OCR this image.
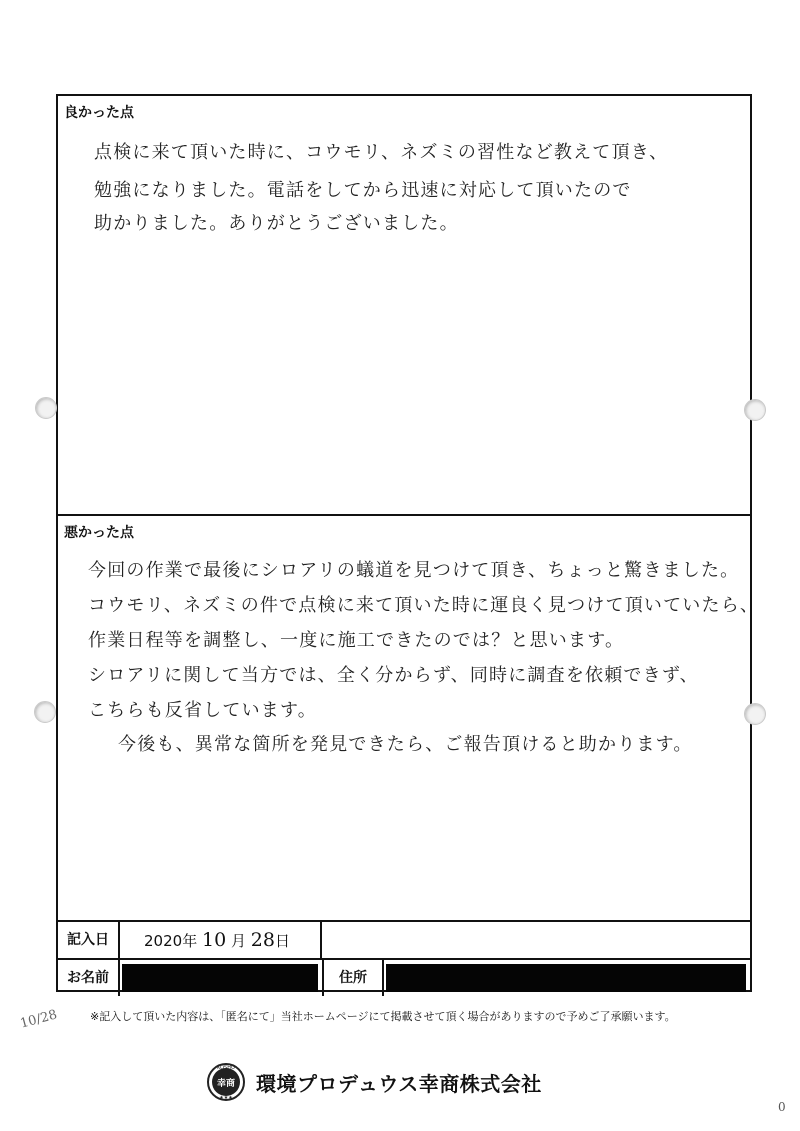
良かった点
点検に来て頂いた時に、コウモリ、ネズミの習性など教えて頂き、
勉強になりました。電話をしてから迅速に対応して頂いたので
助かりました。ありがとうございました。
悪かった点
今回の作業で最後にシロアリの蟻道を見つけて頂き、ちょっと驚きました。
コウモリ、ネズミの件で点検に来て頂いた時に運良く見つけて頂いていたら、
作業日程等を調整し、一度に施工できたのでは？と思います。
シロアリに関して当方では、全く分からず、同時に調査を依頼できず、
こちらも反省しています。
今後も、異常な箇所を発見できたら、ご報告頂けると助かります。
記入日	2020年 10 月 28日
お名前	住所
10/28	※記入して頂いた内容は、「匿名にて」当社ホームページにて掲載させて頂く場合がありますので予めご了承願います。
KOSHO
幸商
★★★
環境プロデュウス幸商株式会社
0
